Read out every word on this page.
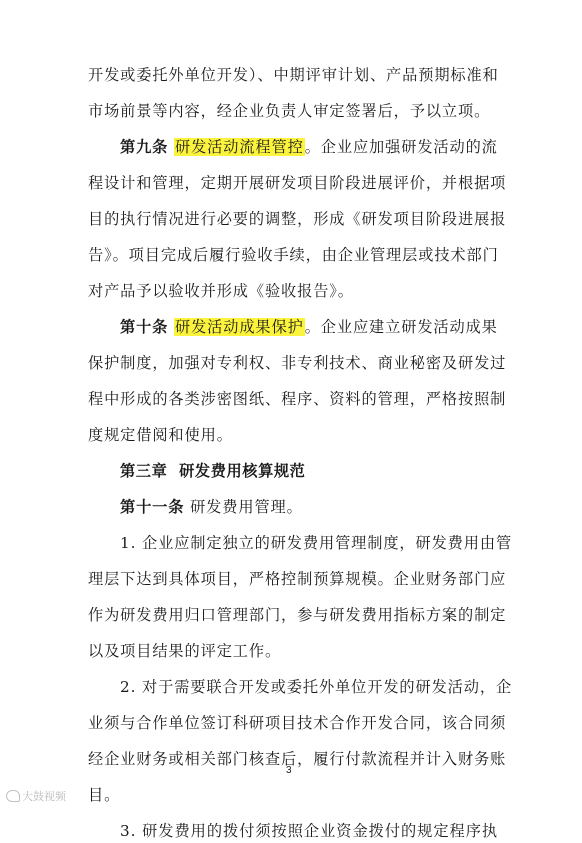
开发或委托外单位开发）、中期评审计划、产品预期标准和
市场前景等内容，经企业负责人审定签署后，予以立项。
第九条 研发活动流程管控。企业应加强研发活动的流
程设计和管理，定期开展研发项目阶段进展评价，并根据项
目的执行情况进行必要的调整，形成《研发项目阶段进展报
告》。项目完成后履行验收手续，由企业管理层或技术部门
对产品予以验收并形成《验收报告》。
第十条 研发活动成果保护。企业应建立研发活动成果
保护制度，加强对专利权、非专利技术、商业秘密及研发过
程中形成的各类涉密图纸、程序、资料的管理，严格按照制
度规定借阅和使用。
第三章  研发费用核算规范
第十一条 研发费用管理。
1. 企业应制定独立的研发费用管理制度，研发费用由管
理层下达到具体项目，严格控制预算规模。企业财务部门应
作为研发费用归口管理部门，参与研发费用指标方案的制定
以及项目结果的评定工作。
2. 对于需要联合开发或委托外单位开发的研发活动，企
业须与合作单位签订科研项目技术合作开发合同，该合同须
经企业财务或相关部门核查后，履行付款流程并计入财务账
目。
3. 研发费用的拨付须按照企业资金拨付的规定程序执
3
大鼓视频
